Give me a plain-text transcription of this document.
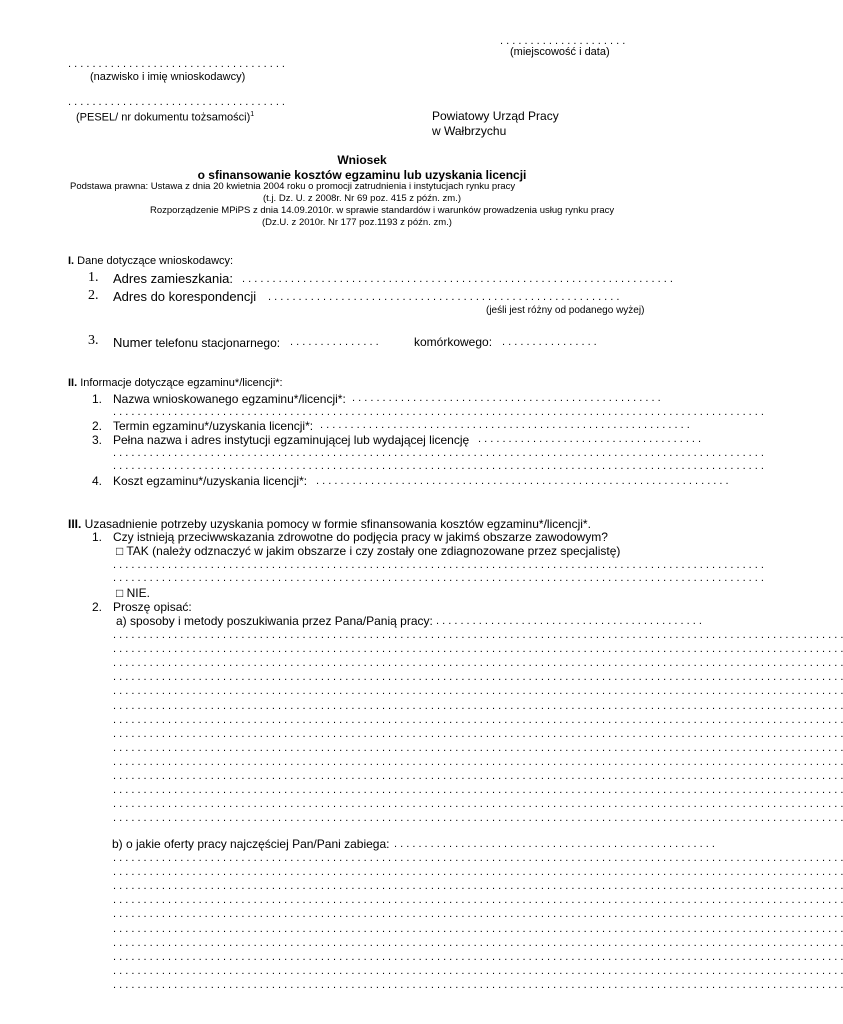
. . . . . . . . . . . . . . . . . . . . .
(miejscowość i data)
. . . . . . . . . . . . . . . . . . . . . . . . . . . . . . . . . . . .
(nazwisko i imię wnioskodawcy)
. . . . . . . . . . . . . . . . . . . . . . . . . . . . . . . . . . . .
(PESEL/ nr dokumentu tożsamości)$^1$	Powiatowy Urząd Pracy
w Wałbrzychu
Wniosek
o sfinansowanie kosztów egzaminu lub uzyskania licencji
Podstawa prawna: Ustawa z dnia 20 kwietnia 2004 roku o promocji zatrudnienia i instytucjach rynku pracy
(t.j. Dz. U. z 2008r. Nr 69 poz. 415 z późn. zm.)
Rozporządzenie MPiPS z dnia 14.09.2010r. w sprawie standardów i warunków prowadzenia usług rynku pracy
(Dz.U. z 2010r. Nr 177 poz.1193 z późn. zm.)
I. Dane dotyczące wnioskodawcy:
1. Adres zamieszkania: . . . . . . . . . . . . . . . . . . . . . . . . . . . . . . . . . . . . . . . . . . . . . . . . . . . . . . . . . . . . . . . . . . . . . . .
2. Adres do korespondencji . . . . . . . . . . . . . . . . . . . . . . . . . . . . . . . . . . . . . . . . . . . . . . . . . . . . . . . . . .
(jeśli jest różny od podanego wyżej)
3. Numer telefonu stacjonarnego: . . . . . . . . . . . . . . .	komórkowego: . . . . . . . . . . . . . . . .
II. Informacje dotyczące egzaminu*/licencji*:
1. Nazwa wnioskowanego egzaminu*/licencji*: . . . . . . . . . . . . . . . . . . . . . . . . . . . . . . . . . . . . . . . . . . . . . . . . . . .
. . . . . . . . . . . . . . . . . . . . . . . . . . . . . . . . . . . . . . . . . . . . . . . . . . . . . . . . . . . . . . . . . . . . . . . . . . . . . . . . . . . . . . . . . . . . . . . . . . . . . . . . . . .
2. Termin egzaminu*/uzyskania licencji*: . . . . . . . . . . . . . . . . . . . . . . . . . . . . . . . . . . . . . . . . . . . . . . . . . . . . . . . . . . . . .
3. Pełna nazwa i adres instytucji egzaminującej lub wydającej licencję . . . . . . . . . . . . . . . . . . . . . . . . . . . . . . . . . . . . .
. . . . . . . . . . . . . . . . . . . . . . . . . . . . . . . . . . . . . . . . . . . . . . . . . . . . . . . . . . . . . . . . . . . . . . . . . . . . . . . . . . . . . . . . . . . . . . . . . . . . . . . . . . .
. . . . . . . . . . . . . . . . . . . . . . . . . . . . . . . . . . . . . . . . . . . . . . . . . . . . . . . . . . . . . . . . . . . . . . . . . . . . . . . . . . . . . . . . . . . . . . . . . . . . . . . . . . .
4. Koszt egzaminu*/uzyskania licencji*: . . . . . . . . . . . . . . . . . . . . . . . . . . . . . . . . . . . . . . . . . . . . . . . . . . . . . . . . . . . . . . . . . . . .
III. Uzasadnienie potrzeby uzyskania pomocy w formie sfinansowania kosztów egzaminu*/licencji*.
1. Czy istnieją przeciwwskazania zdrowotne do podjęcia pracy w jakimś obszarze zawodowym?
□ TAK (należy odznaczyć w jakim obszarze i czy zostały one zdiagnozowane przez specjalistę)
. . . . . . . . . . . . . . . . . . . . . . . . . . . . . . . . . . . . . . . . . . . . . . . . . . . . . . . . . . . . . . . . . . . . . . . . . . . . . . . . . . . . . . . . . . . . . . . . . . . . . . . . . . .
. . . . . . . . . . . . . . . . . . . . . . . . . . . . . . . . . . . . . . . . . . . . . . . . . . . . . . . . . . . . . . . . . . . . . . . . . . . . . . . . . . . . . . . . . . . . . . . . . . . . . . . . . . .
□ NIE.
2. Proszę opisać:
a) sposoby i metody poszukiwania przez Pana/Panią pracy: . . . . . . . . . . . . . . . . . . . . . . . . . . . . . . . . . . . . . . . . . . . .
. . . . . . . . . . . . . . . . . . . . . . . . . . . . . . . . . . . . . . . . . . . . . . . . . . . . . . . . . . . . . . . . . . . . . . . . . . . . . . . . . . . . . . . . . . . . . . . . . . . . . . . . . . . . . . . . . . . . . . . .
. . . . . . . . . . . . . . . . . . . . . . . . . . . . . . . . . . . . . . . . . . . . . . . . . . . . . . . . . . . . . . . . . . . . . . . . . . . . . . . . . . . . . . . . . . . . . . . . . . . . . . . . . . . . . . . . . . . . . . . .
. . . . . . . . . . . . . . . . . . . . . . . . . . . . . . . . . . . . . . . . . . . . . . . . . . . . . . . . . . . . . . . . . . . . . . . . . . . . . . . . . . . . . . . . . . . . . . . . . . . . . . . . . . . . . . . . . . . . . . . .
. . . . . . . . . . . . . . . . . . . . . . . . . . . . . . . . . . . . . . . . . . . . . . . . . . . . . . . . . . . . . . . . . . . . . . . . . . . . . . . . . . . . . . . . . . . . . . . . . . . . . . . . . . . . . . . . . . . . . . . .
. . . . . . . . . . . . . . . . . . . . . . . . . . . . . . . . . . . . . . . . . . . . . . . . . . . . . . . . . . . . . . . . . . . . . . . . . . . . . . . . . . . . . . . . . . . . . . . . . . . . . . . . . . . . . . . . . . . . . . . .
. . . . . . . . . . . . . . . . . . . . . . . . . . . . . . . . . . . . . . . . . . . . . . . . . . . . . . . . . . . . . . . . . . . . . . . . . . . . . . . . . . . . . . . . . . . . . . . . . . . . . . . . . . . . . . . . . . . . . . . .
. . . . . . . . . . . . . . . . . . . . . . . . . . . . . . . . . . . . . . . . . . . . . . . . . . . . . . . . . . . . . . . . . . . . . . . . . . . . . . . . . . . . . . . . . . . . . . . . . . . . . . . . . . . . . . . . . . . . . . . .
. . . . . . . . . . . . . . . . . . . . . . . . . . . . . . . . . . . . . . . . . . . . . . . . . . . . . . . . . . . . . . . . . . . . . . . . . . . . . . . . . . . . . . . . . . . . . . . . . . . . . . . . . . . . . . . . . . . . . . . .
. . . . . . . . . . . . . . . . . . . . . . . . . . . . . . . . . . . . . . . . . . . . . . . . . . . . . . . . . . . . . . . . . . . . . . . . . . . . . . . . . . . . . . . . . . . . . . . . . . . . . . . . . . . . . . . . . . . . . . . .
. . . . . . . . . . . . . . . . . . . . . . . . . . . . . . . . . . . . . . . . . . . . . . . . . . . . . . . . . . . . . . . . . . . . . . . . . . . . . . . . . . . . . . . . . . . . . . . . . . . . . . . . . . . . . . . . . . . . . . . .
. . . . . . . . . . . . . . . . . . . . . . . . . . . . . . . . . . . . . . . . . . . . . . . . . . . . . . . . . . . . . . . . . . . . . . . . . . . . . . . . . . . . . . . . . . . . . . . . . . . . . . . . . . . . . . . . . . . . . . . .
. . . . . . . . . . . . . . . . . . . . . . . . . . . . . . . . . . . . . . . . . . . . . . . . . . . . . . . . . . . . . . . . . . . . . . . . . . . . . . . . . . . . . . . . . . . . . . . . . . . . . . . . . . . . . . . . . . . . . . . .
. . . . . . . . . . . . . . . . . . . . . . . . . . . . . . . . . . . . . . . . . . . . . . . . . . . . . . . . . . . . . . . . . . . . . . . . . . . . . . . . . . . . . . . . . . . . . . . . . . . . . . . . . . . . . . . . . . . . . . . .
. . . . . . . . . . . . . . . . . . . . . . . . . . . . . . . . . . . . . . . . . . . . . . . . . . . . . . . . . . . . . . . . . . . . . . . . . . . . . . . . . . . . . . . . . . . . . . . . . . . . . . . . . . . . . . . . . . . . . . . .
b) o jakie oferty pracy najczęściej Pan/Pani zabiega: . . . . . . . . . . . . . . . . . . . . . . . . . . . . . . . . . . . . . . . . . . . . . . . . . . . . .
. . . . . . . . . . . . . . . . . . . . . . . . . . . . . . . . . . . . . . . . . . . . . . . . . . . . . . . . . . . . . . . . . . . . . . . . . . . . . . . . . . . . . . . . . . . . . . . . . . . . . . . . . . . . . . . . . . . . . . . .
. . . . . . . . . . . . . . . . . . . . . . . . . . . . . . . . . . . . . . . . . . . . . . . . . . . . . . . . . . . . . . . . . . . . . . . . . . . . . . . . . . . . . . . . . . . . . . . . . . . . . . . . . . . . . . . . . . . . . . . .
. . . . . . . . . . . . . . . . . . . . . . . . . . . . . . . . . . . . . . . . . . . . . . . . . . . . . . . . . . . . . . . . . . . . . . . . . . . . . . . . . . . . . . . . . . . . . . . . . . . . . . . . . . . . . . . . . . . . . . . .
. . . . . . . . . . . . . . . . . . . . . . . . . . . . . . . . . . . . . . . . . . . . . . . . . . . . . . . . . . . . . . . . . . . . . . . . . . . . . . . . . . . . . . . . . . . . . . . . . . . . . . . . . . . . . . . . . . . . . . . .
. . . . . . . . . . . . . . . . . . . . . . . . . . . . . . . . . . . . . . . . . . . . . . . . . . . . . . . . . . . . . . . . . . . . . . . . . . . . . . . . . . . . . . . . . . . . . . . . . . . . . . . . . . . . . . . . . . . . . . . .
. . . . . . . . . . . . . . . . . . . . . . . . . . . . . . . . . . . . . . . . . . . . . . . . . . . . . . . . . . . . . . . . . . . . . . . . . . . . . . . . . . . . . . . . . . . . . . . . . . . . . . . . . . . . . . . . . . . . . . . .
. . . . . . . . . . . . . . . . . . . . . . . . . . . . . . . . . . . . . . . . . . . . . . . . . . . . . . . . . . . . . . . . . . . . . . . . . . . . . . . . . . . . . . . . . . . . . . . . . . . . . . . . . . . . . . . . . . . . . . . .
. . . . . . . . . . . . . . . . . . . . . . . . . . . . . . . . . . . . . . . . . . . . . . . . . . . . . . . . . . . . . . . . . . . . . . . . . . . . . . . . . . . . . . . . . . . . . . . . . . . . . . . . . . . . . . . . . . . . . . . .
. . . . . . . . . . . . . . . . . . . . . . . . . . . . . . . . . . . . . . . . . . . . . . . . . . . . . . . . . . . . . . . . . . . . . . . . . . . . . . . . . . . . . . . . . . . . . . . . . . . . . . . . . . . . . . . . . . . . . . . .
. . . . . . . . . . . . . . . . . . . . . . . . . . . . . . . . . . . . . . . . . . . . . . . . . . . . . . . . . . . . . . . . . . . . . . . . . . . . . . . . . . . . . . . . . . . . . . . . . . . . . . . . . . . . . . . . . . . . . . . .
